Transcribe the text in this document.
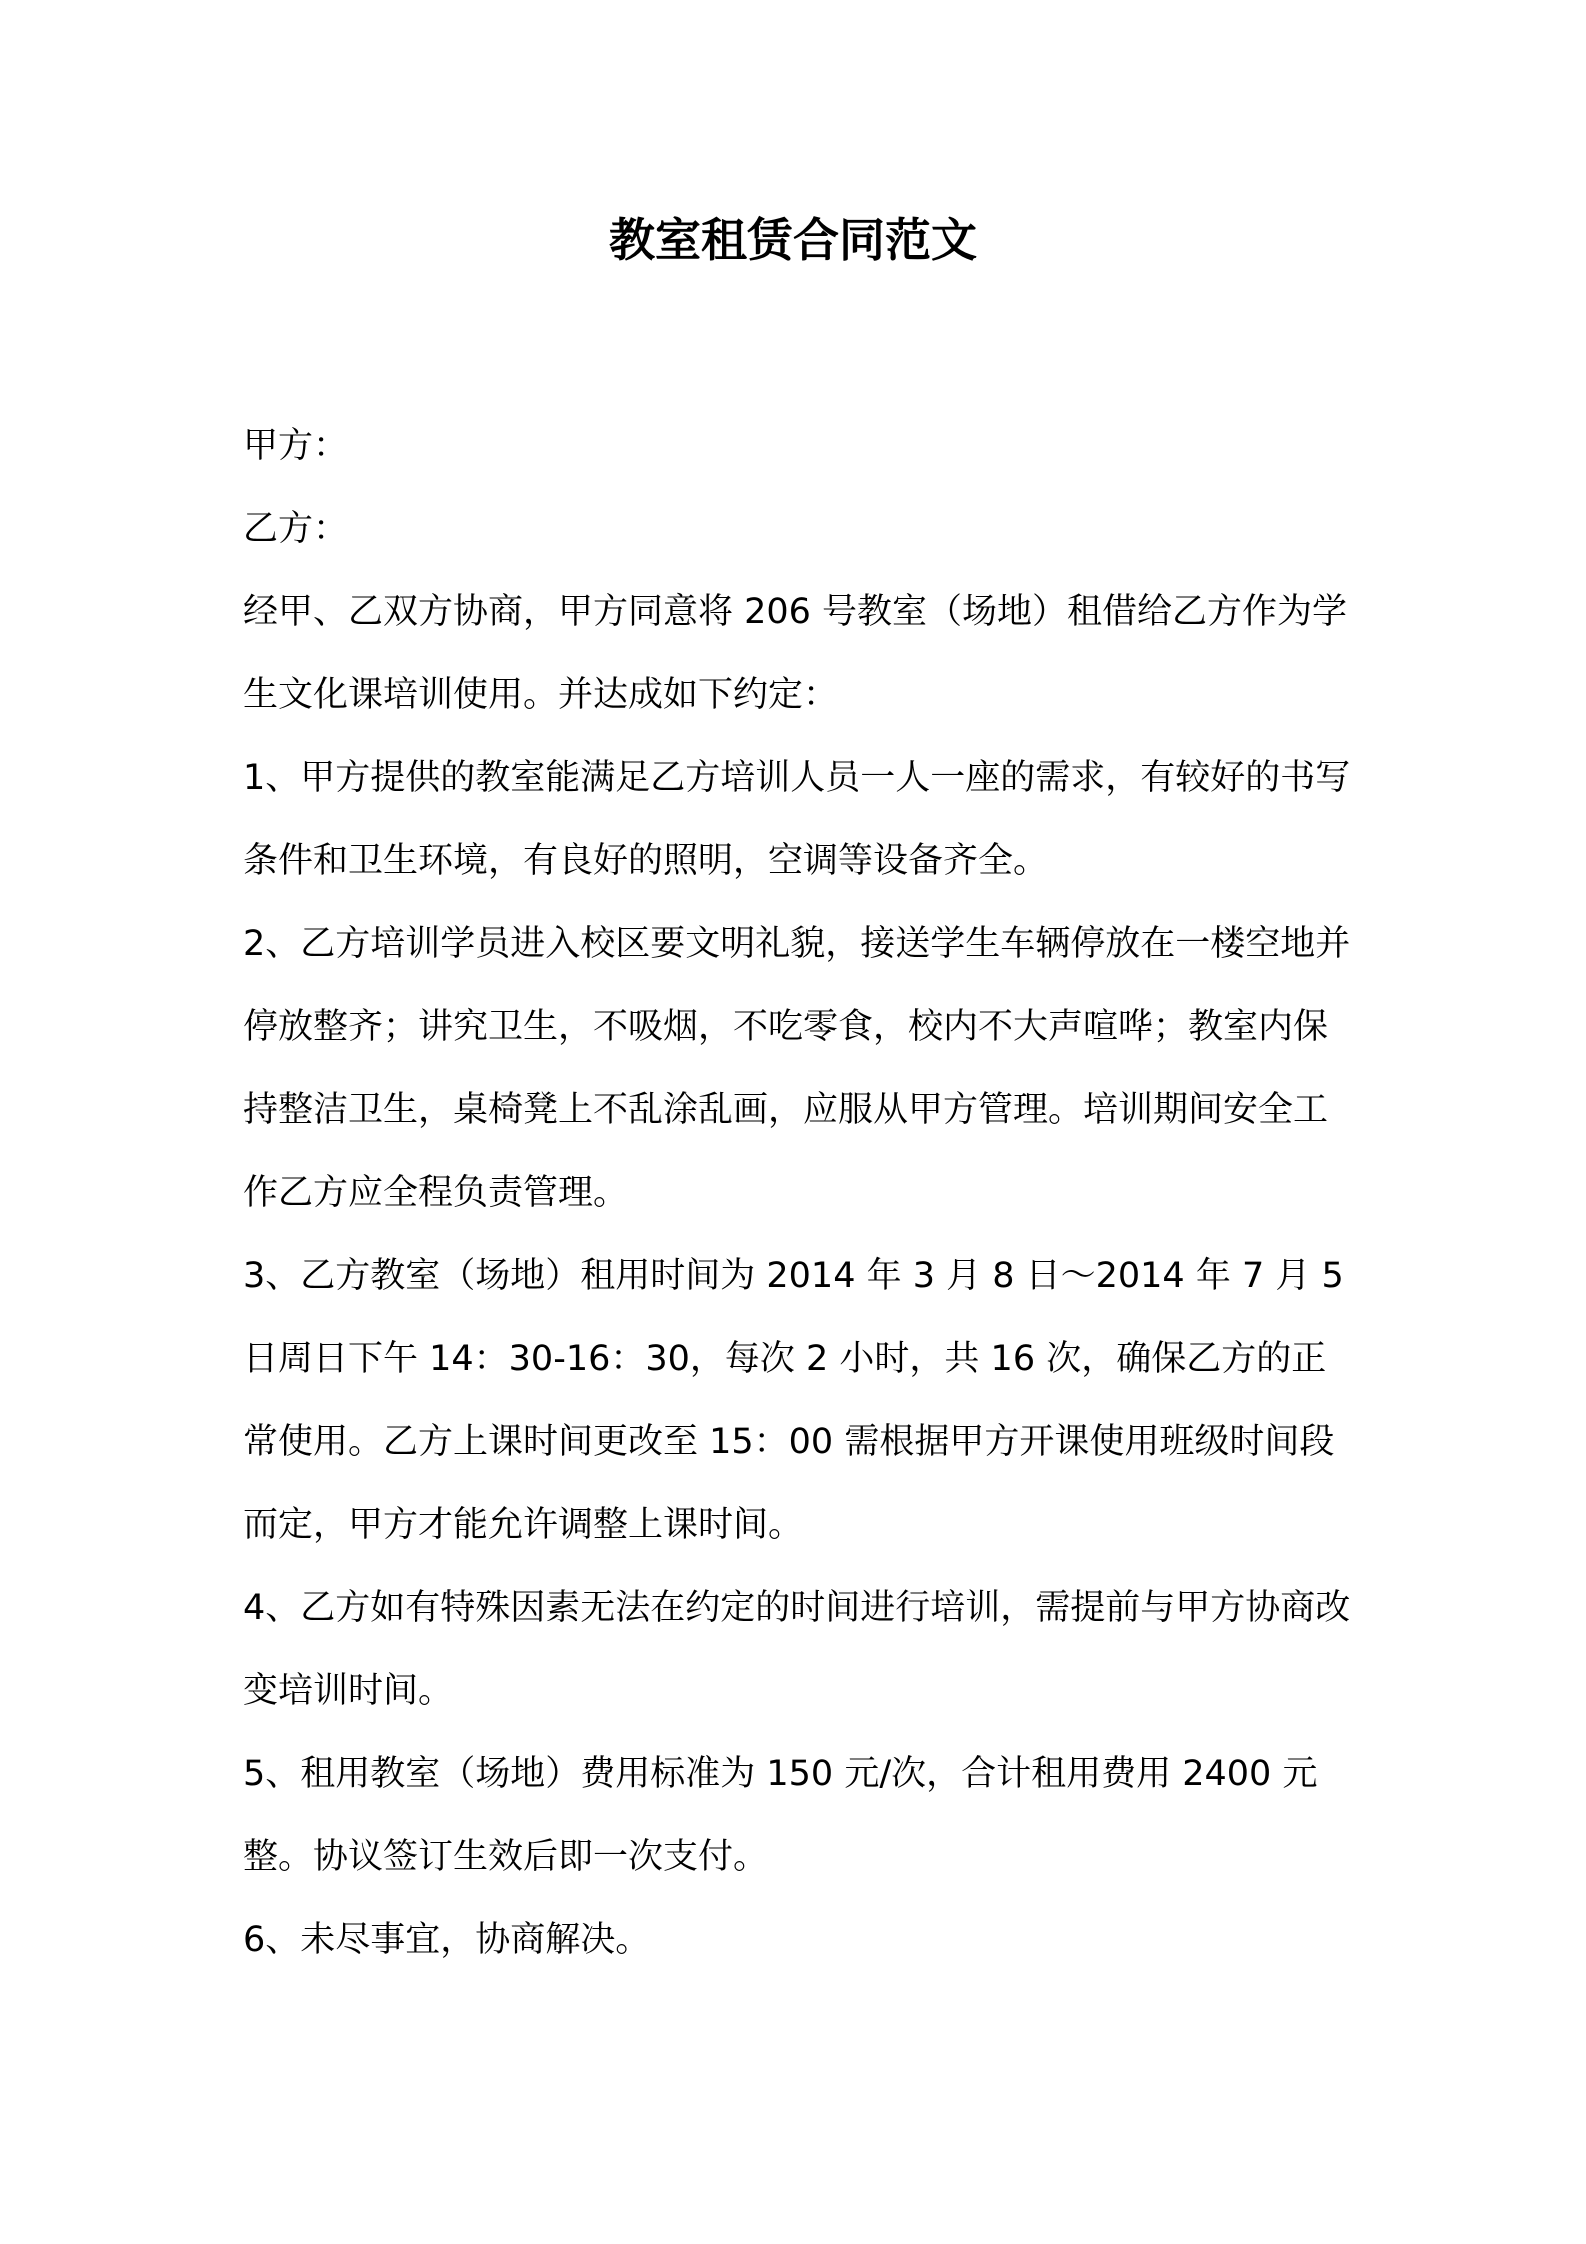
教室租赁合同范文

甲方：

乙方：

经甲、乙双方协商，甲方同意将 206 号教室（场地）租借给乙方作为学生文化课培训使用。并达成如下约定：

1、甲方提供的教室能满足乙方培训人员一人一座的需求，有较好的书写条件和卫生环境，有良好的照明，空调等设备齐全。

2、乙方培训学员进入校区要文明礼貌，接送学生车辆停放在一楼空地并停放整齐；讲究卫生，不吸烟，不吃零食，校内不大声喧哗；教室内保持整洁卫生，桌椅凳上不乱涂乱画，应服从甲方管理。培训期间安全工作乙方应全程负责管理。

3、乙方教室（场地）租用时间为 2014 年 3 月 8 日～2014 年 7 月 5 日周日下午 14：30-16：30，每次 2 小时，共 16 次，确保乙方的正常使用。乙方上课时间更改至 15：00 需根据甲方开课使用班级时间段而定，甲方才能允许调整上课时间。

4、乙方如有特殊因素无法在约定的时间进行培训，需提前与甲方协商改变培训时间。

5、租用教室（场地）费用标准为 150 元/次，合计租用费用 2400 元整。协议签订生效后即一次支付。

6、未尽事宜，协商解决。
